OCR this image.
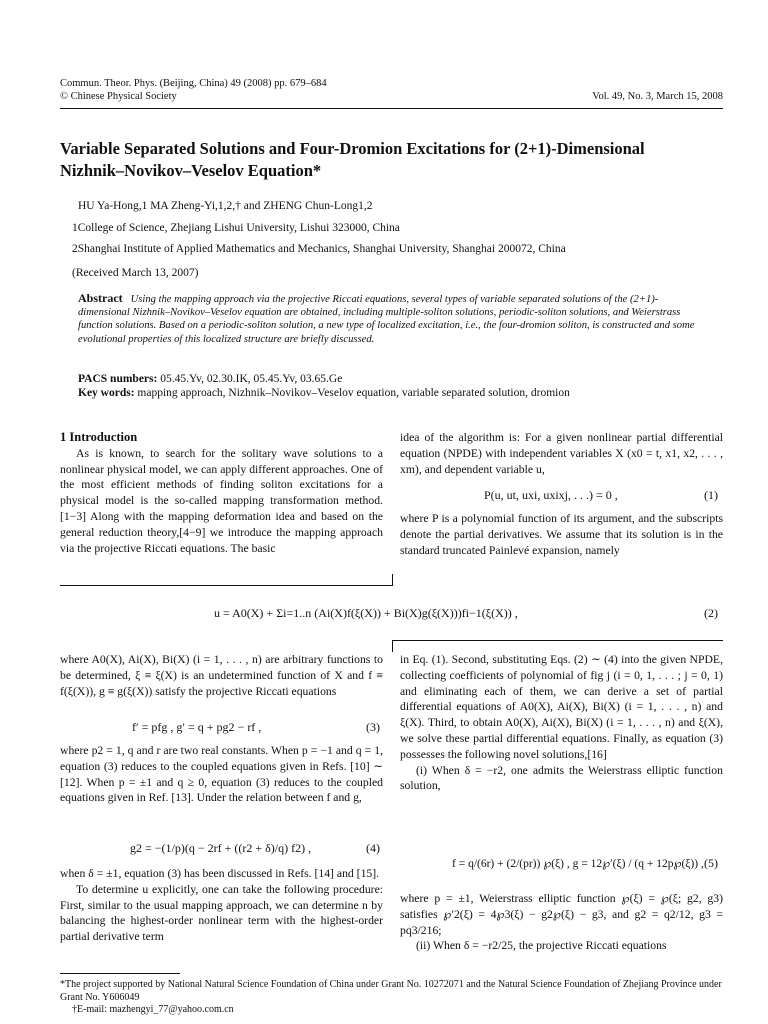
Commun. Theor. Phys. (Beijing, China) 49 (2008) pp. 679–684
© Chinese Physical Society	Vol. 49, No. 3, March 15, 2008
Variable Separated Solutions and Four-Dromion Excitations for (2+1)-Dimensional
Nizhnik–Novikov–Veselov Equation*
HU Ya-Hong,1 MA Zheng-Yi,1,2,† and ZHENG Chun-Long1,2
1College of Science, Zhejiang Lishui University, Lishui 323000, China
2Shanghai Institute of Applied Mathematics and Mechanics, Shanghai University, Shanghai 200072, China
(Received March 13, 2007)
Abstract Using the mapping approach via the projective Riccati equations, several types of variable separated solutions of the (2+1)-dimensional Nizhnik–Novikov–Veselov equation are obtained, including multiple-soliton solutions, periodic-soliton solutions, and Weierstrass function solutions. Based on a periodic-soliton solution, a new type of localized excitation, i.e., the four-dromion soliton, is constructed and some evolutional properties of this localized structure are briefly discussed.
PACS numbers: 05.45.Yv, 02.30.IK, 05.45.Yv, 03.65.Ge
Key words: mapping approach, Nizhnik–Novikov–Veselov equation, variable separated solution, dromion
1 Introduction

As is known, to search for the solitary wave solutions to a nonlinear physical model, we can apply different approaches. One of the most efficient methods of finding soliton excitations for a physical model is the so-called mapping transformation method.[1−3] Along with the mapping deformation idea and based on the general reduction theory,[4−9] we introduce the mapping approach via the projective Riccati equations. The basic

idea of the algorithm is: For a given nonlinear partial differential equation (NPDE) with independent variables X (x0 = t, x1, x2, . . . , xm), and dependent variable u,

P(u, ut, uxi, uxixj, . . .) = 0 ,	(1)

where P is a polynomial function of its argument, and the subscripts denote the partial derivatives. We assume that its solution is in the standard truncated Painlevé expansion, namely

u = A0(X) + Σi=1..n (Ai(X)f(ξ(X)) + Bi(X)g(ξ(X)))fi−1(ξ(X)) ,	(2)

where A0(X), Ai(X), Bi(X) (i = 1, . . . , n) are arbitrary functions to be determined, ξ ≡ ξ(X) is an undetermined function of X and f ≡ f(ξ(X)), g ≡ g(ξ(X)) satisfy the projective Riccati equations

f′ = pfg , g′ = q + pg2 − rf ,	(3)

where p2 = 1, q and r are two real constants. When p = −1 and q = 1, equation (3) reduces to the coupled equations given in Refs. [10] ∼ [12]. When p = ±1 and q ≥ 0, equation (3) reduces to the coupled equations given in Ref. [13]. Under the relation between f and g,

g2 = −(1/p)(q − 2rf + ((r2 + δ)/q) f2) ,	(4)

when δ = ±1, equation (3) has been discussed in Refs. [14] and [15].

To determine u explicitly, one can take the following procedure: First, similar to the usual mapping approach, we can determine n by balancing the highest-order nonlinear term with the highest-order partial derivative term

in Eq. (1). Second, substituting Eqs. (2) ∼ (4) into the given NPDE, collecting coefficients of polynomial of fig j (i = 0, 1, . . . ; j = 0, 1) and eliminating each of them, we can derive a set of partial differential equations of A0(X), Ai(X), Bi(X) (i = 1, . . . , n) and ξ(X). Third, to obtain A0(X), Ai(X), Bi(X) (i = 1, . . . , n) and ξ(X), we solve these partial differential equations. Finally, as equation (3) possesses the following novel solutions,[16]

(i) When δ = −r2, one admits the Weierstrass elliptic function solution,

f = q/(6r) + (2/(pr)) ℘(ξ) , g = 12℘′(ξ) / (q + 12p℘(ξ)) , (5)

where p = ±1, Weierstrass elliptic function ℘(ξ) = ℘(ξ; g2, g3) satisfies ℘′2(ξ) = 4℘3(ξ) − g2℘(ξ) − g3, and g2 = q2/12, g3 = pq3/216;

(ii) When δ = −r2/25, the projective Riccati equations

*The project supported by National Natural Science Foundation of China under Grant No. 10272071 and the Natural Science Foundation of Zhejiang Province under Grant No. Y606049
†E-mail: mazhengyi_77@yahoo.com.cn
